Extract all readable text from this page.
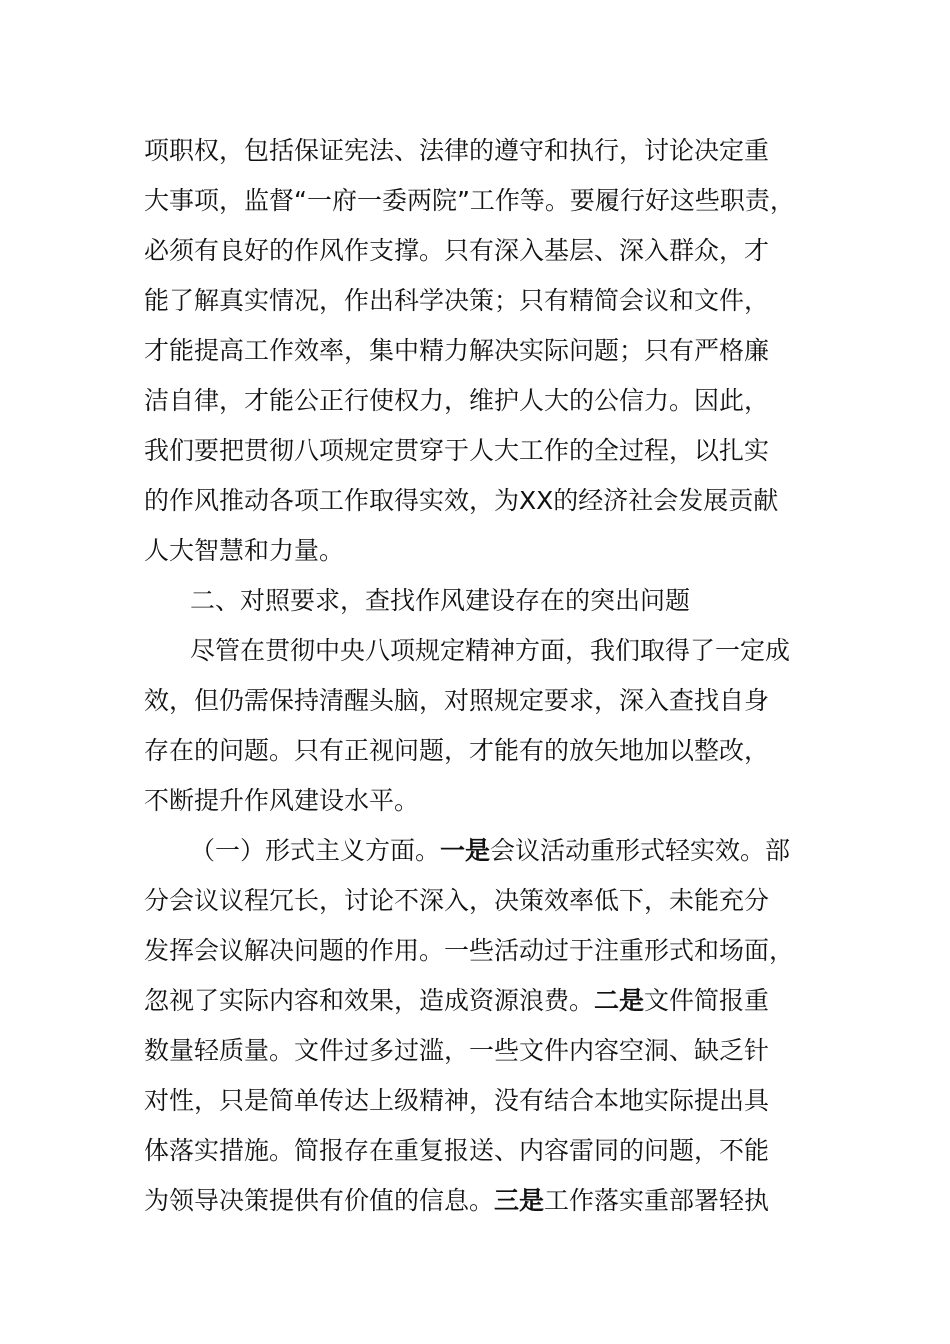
项职权，包括保证宪法、法律的遵守和执行，讨论决定重
大事项，监督“一府一委两院”工作等。要履行好这些职责，
必须有良好的作风作支撑。只有深入基层、深入群众，才
能了解真实情况，作出科学决策；只有精简会议和文件，
才能提高工作效率，集中精力解决实际问题；只有严格廉
洁自律，才能公正行使权力，维护人大的公信力。因此，
我们要把贯彻八项规定贯穿于人大工作的全过程，以扎实
的作风推动各项工作取得实效，为XX的经济社会发展贡献
人大智慧和力量。
二、对照要求，查找作风建设存在的突出问题
尽管在贯彻中央八项规定精神方面，我们取得了一定成
效，但仍需保持清醒头脑，对照规定要求，深入查找自身
存在的问题。只有正视问题，才能有的放矢地加以整改，
不断提升作风建设水平。
（一）形式主义方面。一是会议活动重形式轻实效。部
分会议议程冗长，讨论不深入，决策效率低下，未能充分
发挥会议解决问题的作用。一些活动过于注重形式和场面，
忽视了实际内容和效果，造成资源浪费。二是文件简报重
数量轻质量。文件过多过滥，一些文件内容空洞、缺乏针
对性，只是简单传达上级精神，没有结合本地实际提出具
体落实措施。简报存在重复报送、内容雷同的问题，不能
为领导决策提供有价值的信息。三是工作落实重部署轻执
